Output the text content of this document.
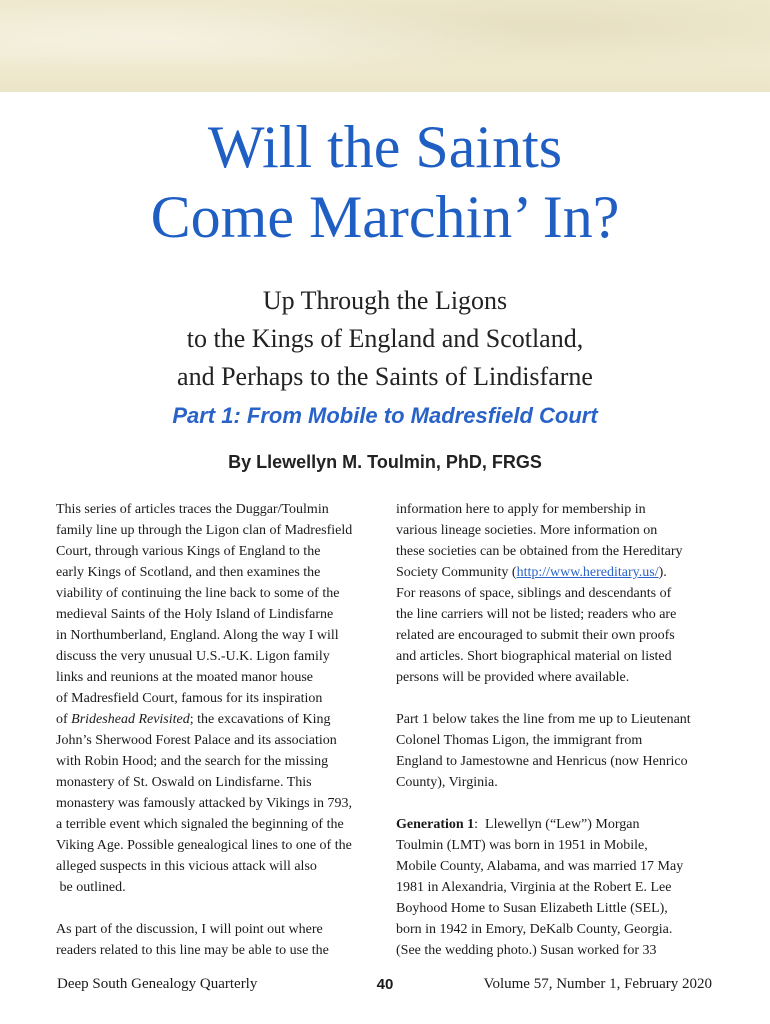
Will the Saints
Come Marchin’ In?
Up Through the Ligons
to the Kings of England and Scotland,
and Perhaps to the Saints of Lindisfarne
Part 1: From Mobile to Madresfield Court
By Llewellyn M. Toulmin, PhD, FRGS
This series of articles traces the Duggar/Toulmin
family line up through the Ligon clan of Madresfield
Court, through various Kings of England to the
early Kings of Scotland, and then examines the
viability of continuing the line back to some of the
medieval Saints of the Holy Island of Lindisfarne
in Northumberland, England. Along the way I will
discuss the very unusual U.S.-U.K. Ligon family
links and reunions at the moated manor house
of Madresfield Court, famous for its inspiration
of Brideshead Revisited; the excavations of King
John’s Sherwood Forest Palace and its association
with Robin Hood; and the search for the missing
monastery of St. Oswald on Lindisfarne. This
monastery was famously attacked by Vikings in 793,
a terrible event which signaled the beginning of the
Viking Age. Possible genealogical lines to one of the
alleged suspects in this vicious attack will also
be outlined.
As part of the discussion, I will point out where
readers related to this line may be able to use the
information here to apply for membership in
various lineage societies. More information on
these societies can be obtained from the Hereditary
Society Community (http://www.hereditary.us/).
For reasons of space, siblings and descendants of
the line carriers will not be listed; readers who are
related are encouraged to submit their own proofs
and articles. Short biographical material on listed
persons will be provided where available.
Part 1 below takes the line from me up to Lieutenant
Colonel Thomas Ligon, the immigrant from
England to Jamestowne and Henricus (now Henrico
County), Virginia.
Generation 1:  Llewellyn (“Lew”) Morgan
Toulmin (LMT) was born in 1951 in Mobile,
Mobile County, Alabama, and was married 17 May
1981 in Alexandria, Virginia at the Robert E. Lee
Boyhood Home to Susan Elizabeth Little (SEL),
born in 1942 in Emory, DeKalb County, Georgia.
(See the wedding photo.) Susan worked for 33
Deep South Genealogy Quarterly	40	Volume 57, Number 1, February 2020
